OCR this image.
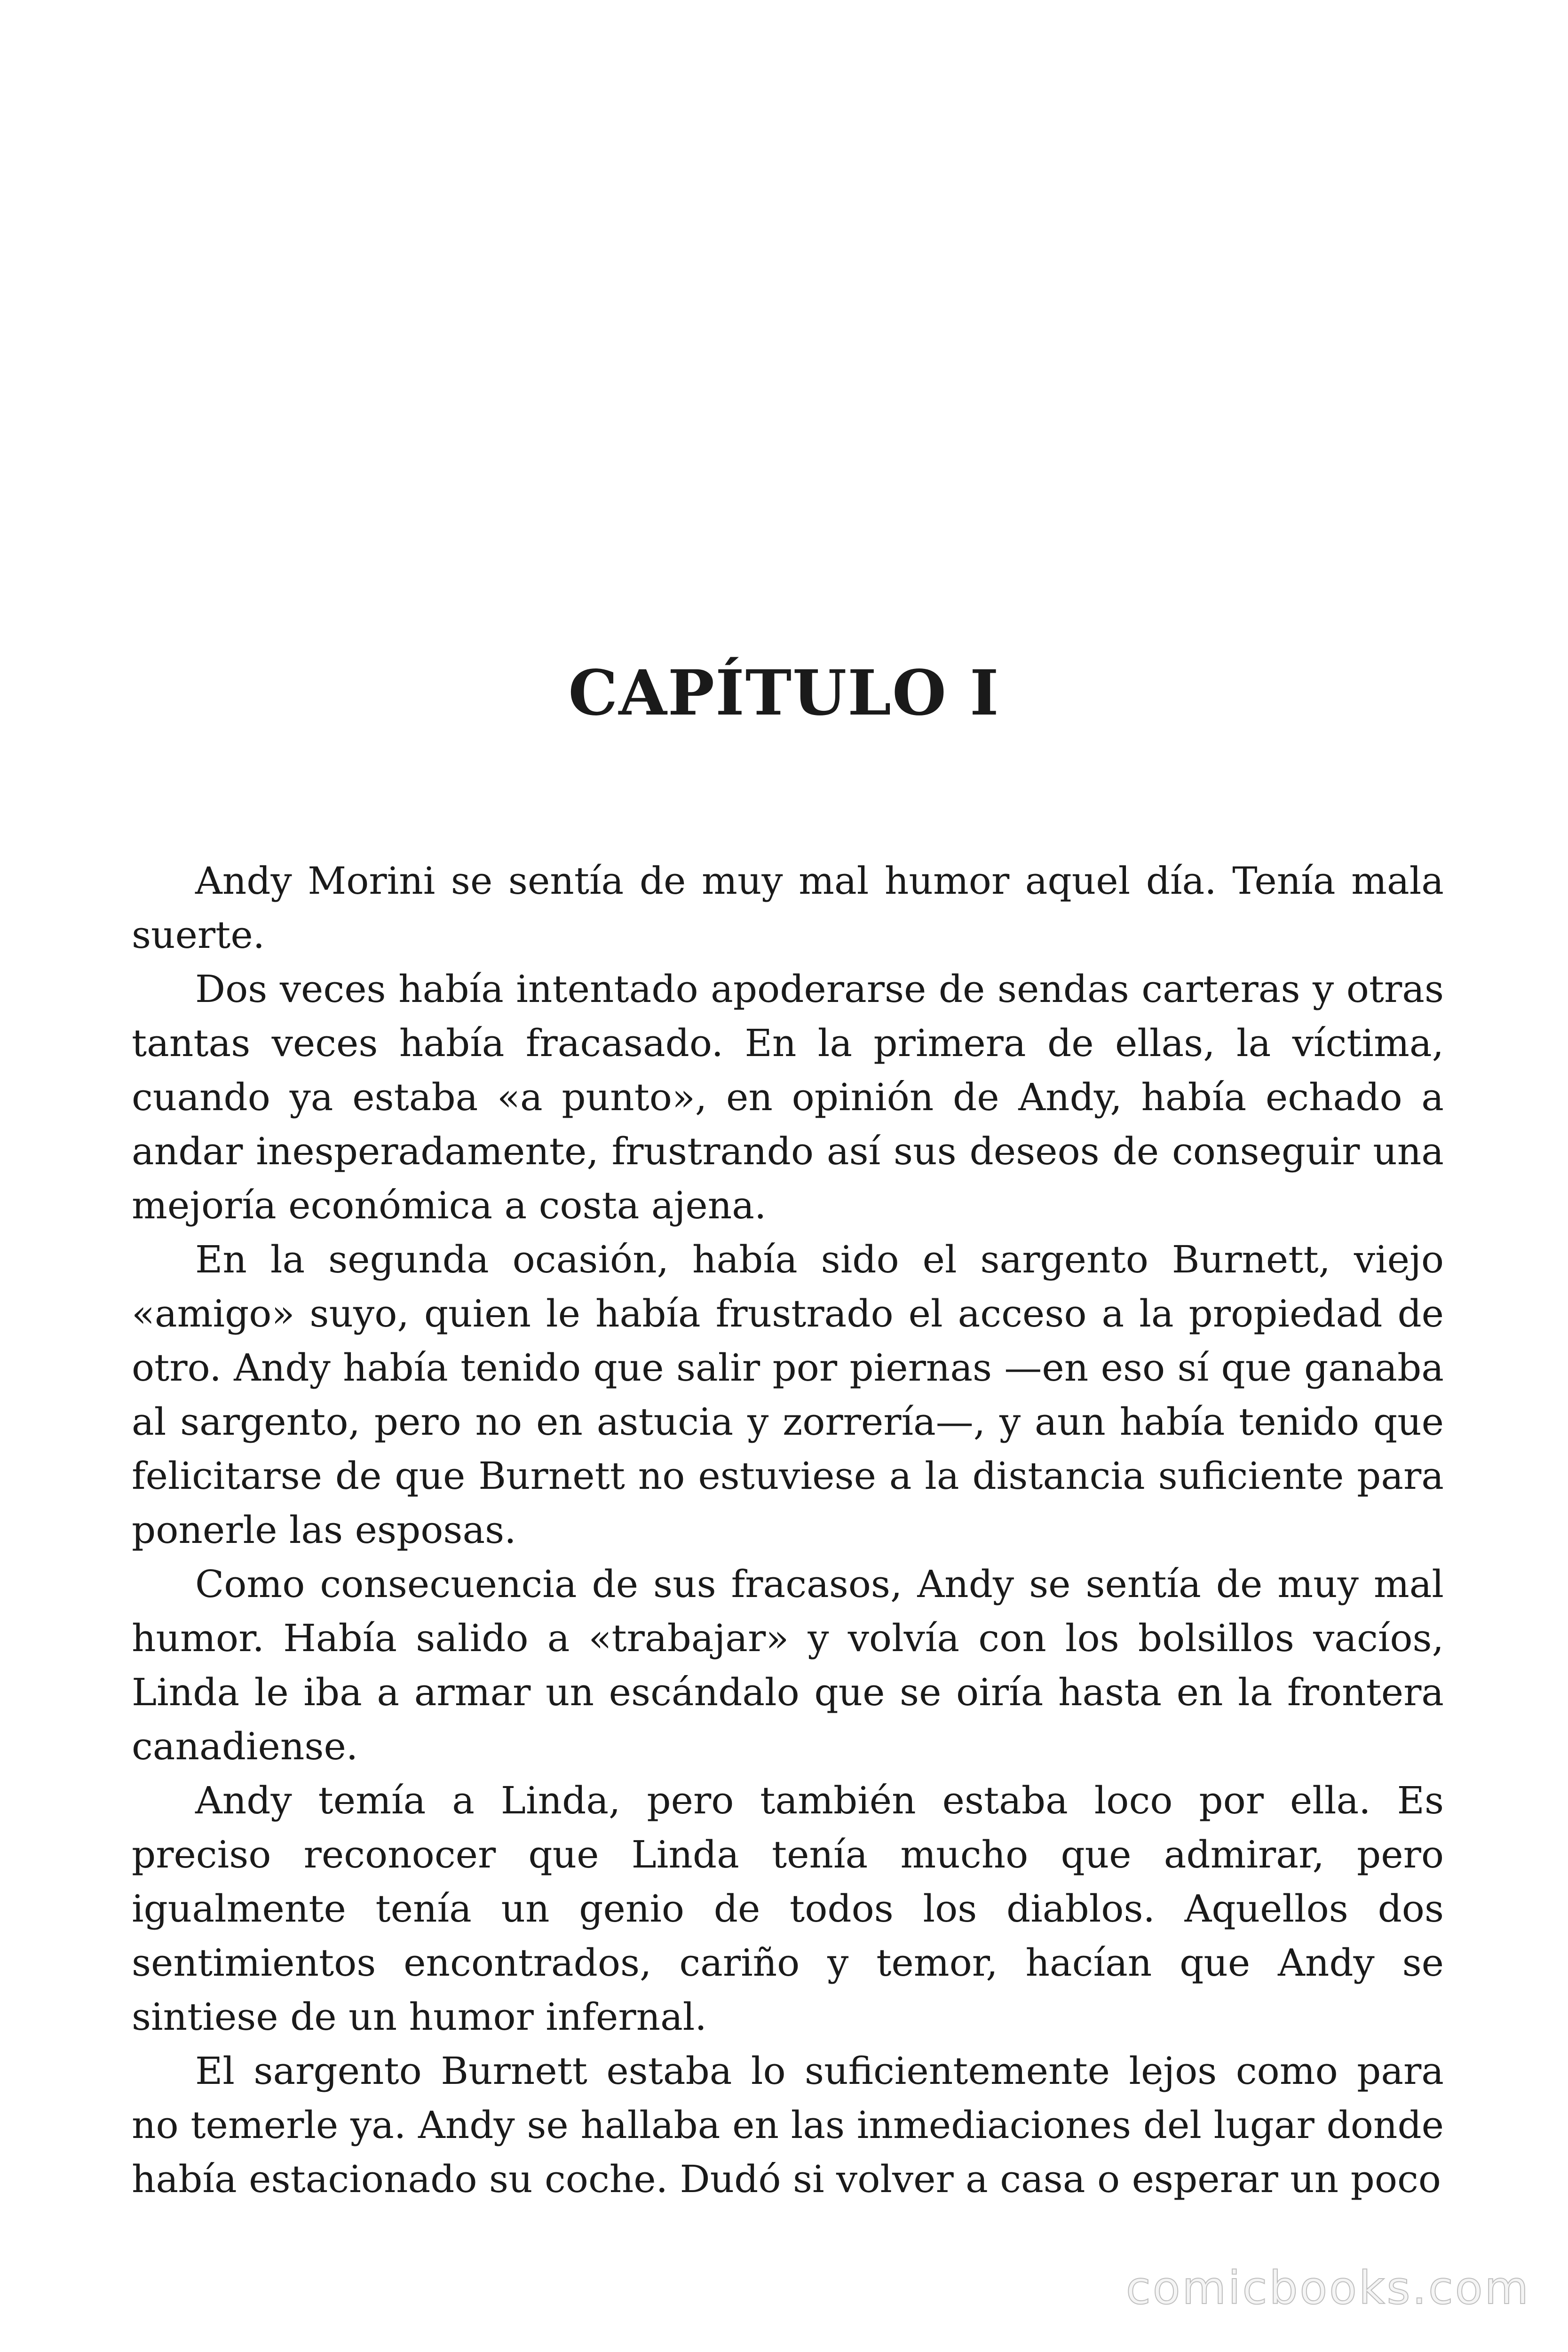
CAPÍTULO I

Andy Morini se sentía de muy mal humor aquel día. Tenía mala suerte.

Dos veces había intentado apoderarse de sendas carteras y otras tantas veces había fracasado. En la primera de ellas, la víctima, cuando ya estaba «a punto», en opinión de Andy, había echado a andar inesperadamente, frustrando así sus deseos de conseguir una mejoría económica a costa ajena.

En la segunda ocasión, había sido el sargento Burnett, viejo «amigo» suyo, quien le había frustrado el acceso a la propiedad de otro. Andy había tenido que salir por piernas —en eso sí que ganaba al sargento, pero no en astucia y zorrería—, y aun había tenido que felicitarse de que Burnett no estuviese a la distancia suficiente para ponerle las esposas.

Como consecuencia de sus fracasos, Andy se sentía de muy mal humor. Había salido a «trabajar» y volvía con los bolsillos vacíos, Linda le iba a armar un escándalo que se oiría hasta en la frontera canadiense.

Andy temía a Linda, pero también estaba loco por ella. Es preciso reconocer que Linda tenía mucho que admirar, pero igualmente tenía un genio de todos los diablos. Aquellos dos sentimientos encontrados, cariño y temor, hacían que Andy se sintiese de un humor infernal.

El sargento Burnett estaba lo suficientemente lejos como para no temerle ya. Andy se hallaba en las inmediaciones del lugar donde había estacionado su coche. Dudó si volver a casa o esperar un poco

comicbooks.com
